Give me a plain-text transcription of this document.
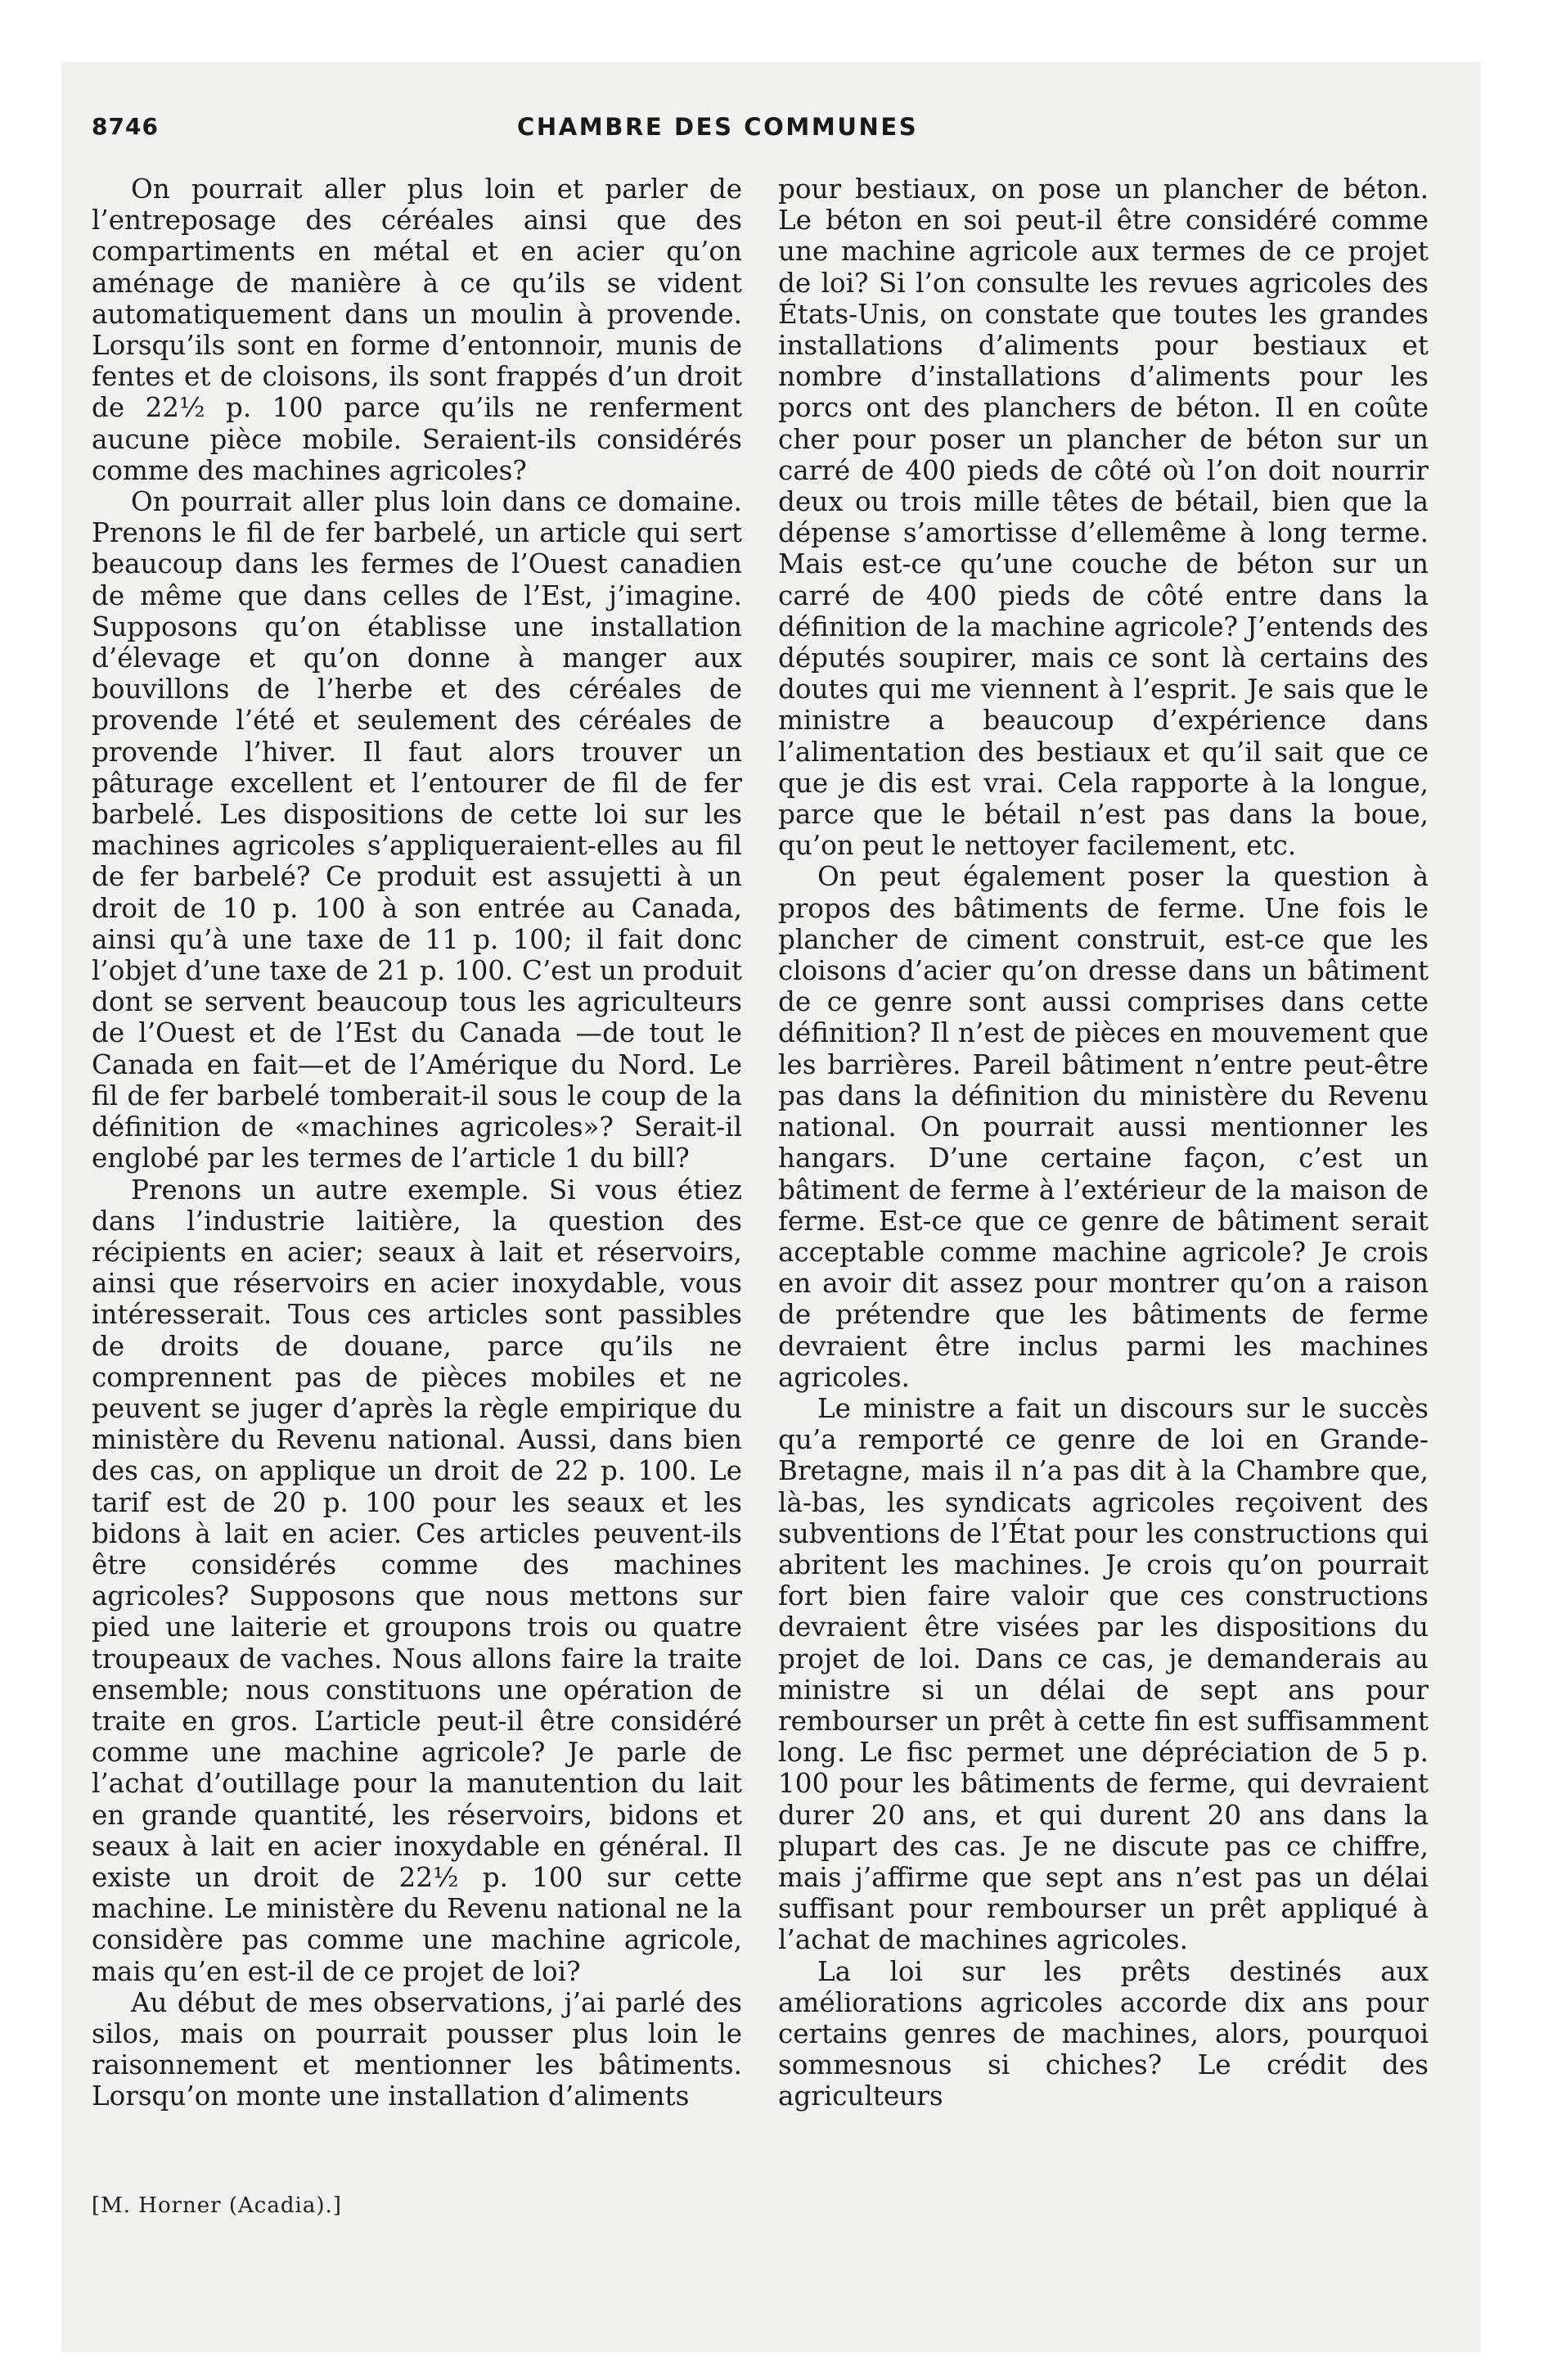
8746	CHAMBRE DES COMMUNES

On pourrait aller plus loin et parler de l’entreposage des céréales ainsi que des compartiments en métal et en acier qu’on aménage de manière à ce qu’ils se vident automatiquement dans un moulin à provende. Lorsqu’ils sont en forme d’entonnoir, munis de fentes et de cloisons, ils sont frappés d’un droit de 22½ p. 100 parce qu’ils ne renferment aucune pièce mobile. Seraient-ils considérés comme des machines agricoles?

On pourrait aller plus loin dans ce domaine. Prenons le fil de fer barbelé, un article qui sert beaucoup dans les fermes de l’Ouest canadien de même que dans celles de l’Est, j’imagine. Supposons qu’on établisse une installation d’élevage et qu’on donne à manger aux bouvillons de l’herbe et des céréales de provende l’été et seulement des céréales de provende l’hiver. Il faut alors trouver un pâturage excellent et l’entourer de fil de fer barbelé. Les dispositions de cette loi sur les machines agricoles s’appliqueraient-elles au fil de fer barbelé? Ce produit est assujetti à un droit de 10 p. 100 à son entrée au Canada, ainsi qu’à une taxe de 11 p. 100; il fait donc l’objet d’une taxe de 21 p. 100. C’est un produit dont se servent beaucoup tous les agriculteurs de l’Ouest et de l’Est du Canada —de tout le Canada en fait—et de l’Amérique du Nord. Le fil de fer barbelé tomberait-il sous le coup de la définition de «machines agricoles»? Serait-il englobé par les termes de l’article 1 du bill?

Prenons un autre exemple. Si vous étiez dans l’industrie laitière, la question des récipients en acier; seaux à lait et réservoirs, ainsi que réservoirs en acier inoxydable, vous intéresserait. Tous ces articles sont passibles de droits de douane, parce qu’ils ne comprennent pas de pièces mobiles et ne peuvent se juger d’après la règle empirique du ministère du Revenu national. Aussi, dans bien des cas, on applique un droit de 22 p. 100. Le tarif est de 20 p. 100 pour les seaux et les bidons à lait en acier. Ces articles peuvent-ils être considérés comme des machines agricoles? Supposons que nous mettons sur pied une laiterie et groupons trois ou quatre troupeaux de vaches. Nous allons faire la traite ensemble; nous constituons une opération de traite en gros. L’article peut-il être considéré comme une machine agricole? Je parle de l’achat d’outillage pour la manutention du lait en grande quantité, les réservoirs, bidons et seaux à lait en acier inoxydable en général. Il existe un droit de 22½ p. 100 sur cette machine. Le ministère du Revenu national ne la considère pas comme une machine agricole, mais qu’en est-il de ce projet de loi?

Au début de mes observations, j’ai parlé des silos, mais on pourrait pousser plus loin le raisonnement et mentionner les bâtiments. Lorsqu’on monte une installation d’aliments

pour bestiaux, on pose un plancher de béton. Le béton en soi peut-il être considéré comme une machine agricole aux termes de ce projet de loi? Si l’on consulte les revues agricoles des États-Unis, on constate que toutes les grandes installations d’aliments pour bestiaux et nombre d’installations d’aliments pour les porcs ont des planchers de béton. Il en coûte cher pour poser un plancher de béton sur un carré de 400 pieds de côté où l’on doit nourrir deux ou trois mille têtes de bétail, bien que la dépense s’amortisse d’ellemême à long terme. Mais est-ce qu’une couche de béton sur un carré de 400 pieds de côté entre dans la définition de la machine agricole? J’entends des députés soupirer, mais ce sont là certains des doutes qui me viennent à l’esprit. Je sais que le ministre a beaucoup d’expérience dans l’alimentation des bestiaux et qu’il sait que ce que je dis est vrai. Cela rapporte à la longue, parce que le bétail n’est pas dans la boue, qu’on peut le nettoyer facilement, etc.

On peut également poser la question à propos des bâtiments de ferme. Une fois le plancher de ciment construit, est-ce que les cloisons d’acier qu’on dresse dans un bâtiment de ce genre sont aussi comprises dans cette définition? Il n’est de pièces en mouvement que les barrières. Pareil bâtiment n’entre peut-être pas dans la définition du ministère du Revenu national. On pourrait aussi mentionner les hangars. D’une certaine façon, c’est un bâtiment de ferme à l’extérieur de la maison de ferme. Est-ce que ce genre de bâtiment serait acceptable comme machine agricole? Je crois en avoir dit assez pour montrer qu’on a raison de prétendre que les bâtiments de ferme devraient être inclus parmi les machines agricoles.

Le ministre a fait un discours sur le succès qu’a remporté ce genre de loi en Grande-Bretagne, mais il n’a pas dit à la Chambre que, là-bas, les syndicats agricoles reçoivent des subventions de l’État pour les constructions qui abritent les machines. Je crois qu’on pourrait fort bien faire valoir que ces constructions devraient être visées par les dispositions du projet de loi. Dans ce cas, je demanderais au ministre si un délai de sept ans pour rembourser un prêt à cette fin est suffisamment long. Le fisc permet une dépréciation de 5 p. 100 pour les bâtiments de ferme, qui devraient durer 20 ans, et qui durent 20 ans dans la plupart des cas. Je ne discute pas ce chiffre, mais j’affirme que sept ans n’est pas un délai suffisant pour rembourser un prêt appliqué à l’achat de machines agricoles.

La loi sur les prêts destinés aux améliorations agricoles accorde dix ans pour certains genres de machines, alors, pourquoi sommesnous si chiches? Le crédit des agriculteurs

[M. Horner (Acadia).]
